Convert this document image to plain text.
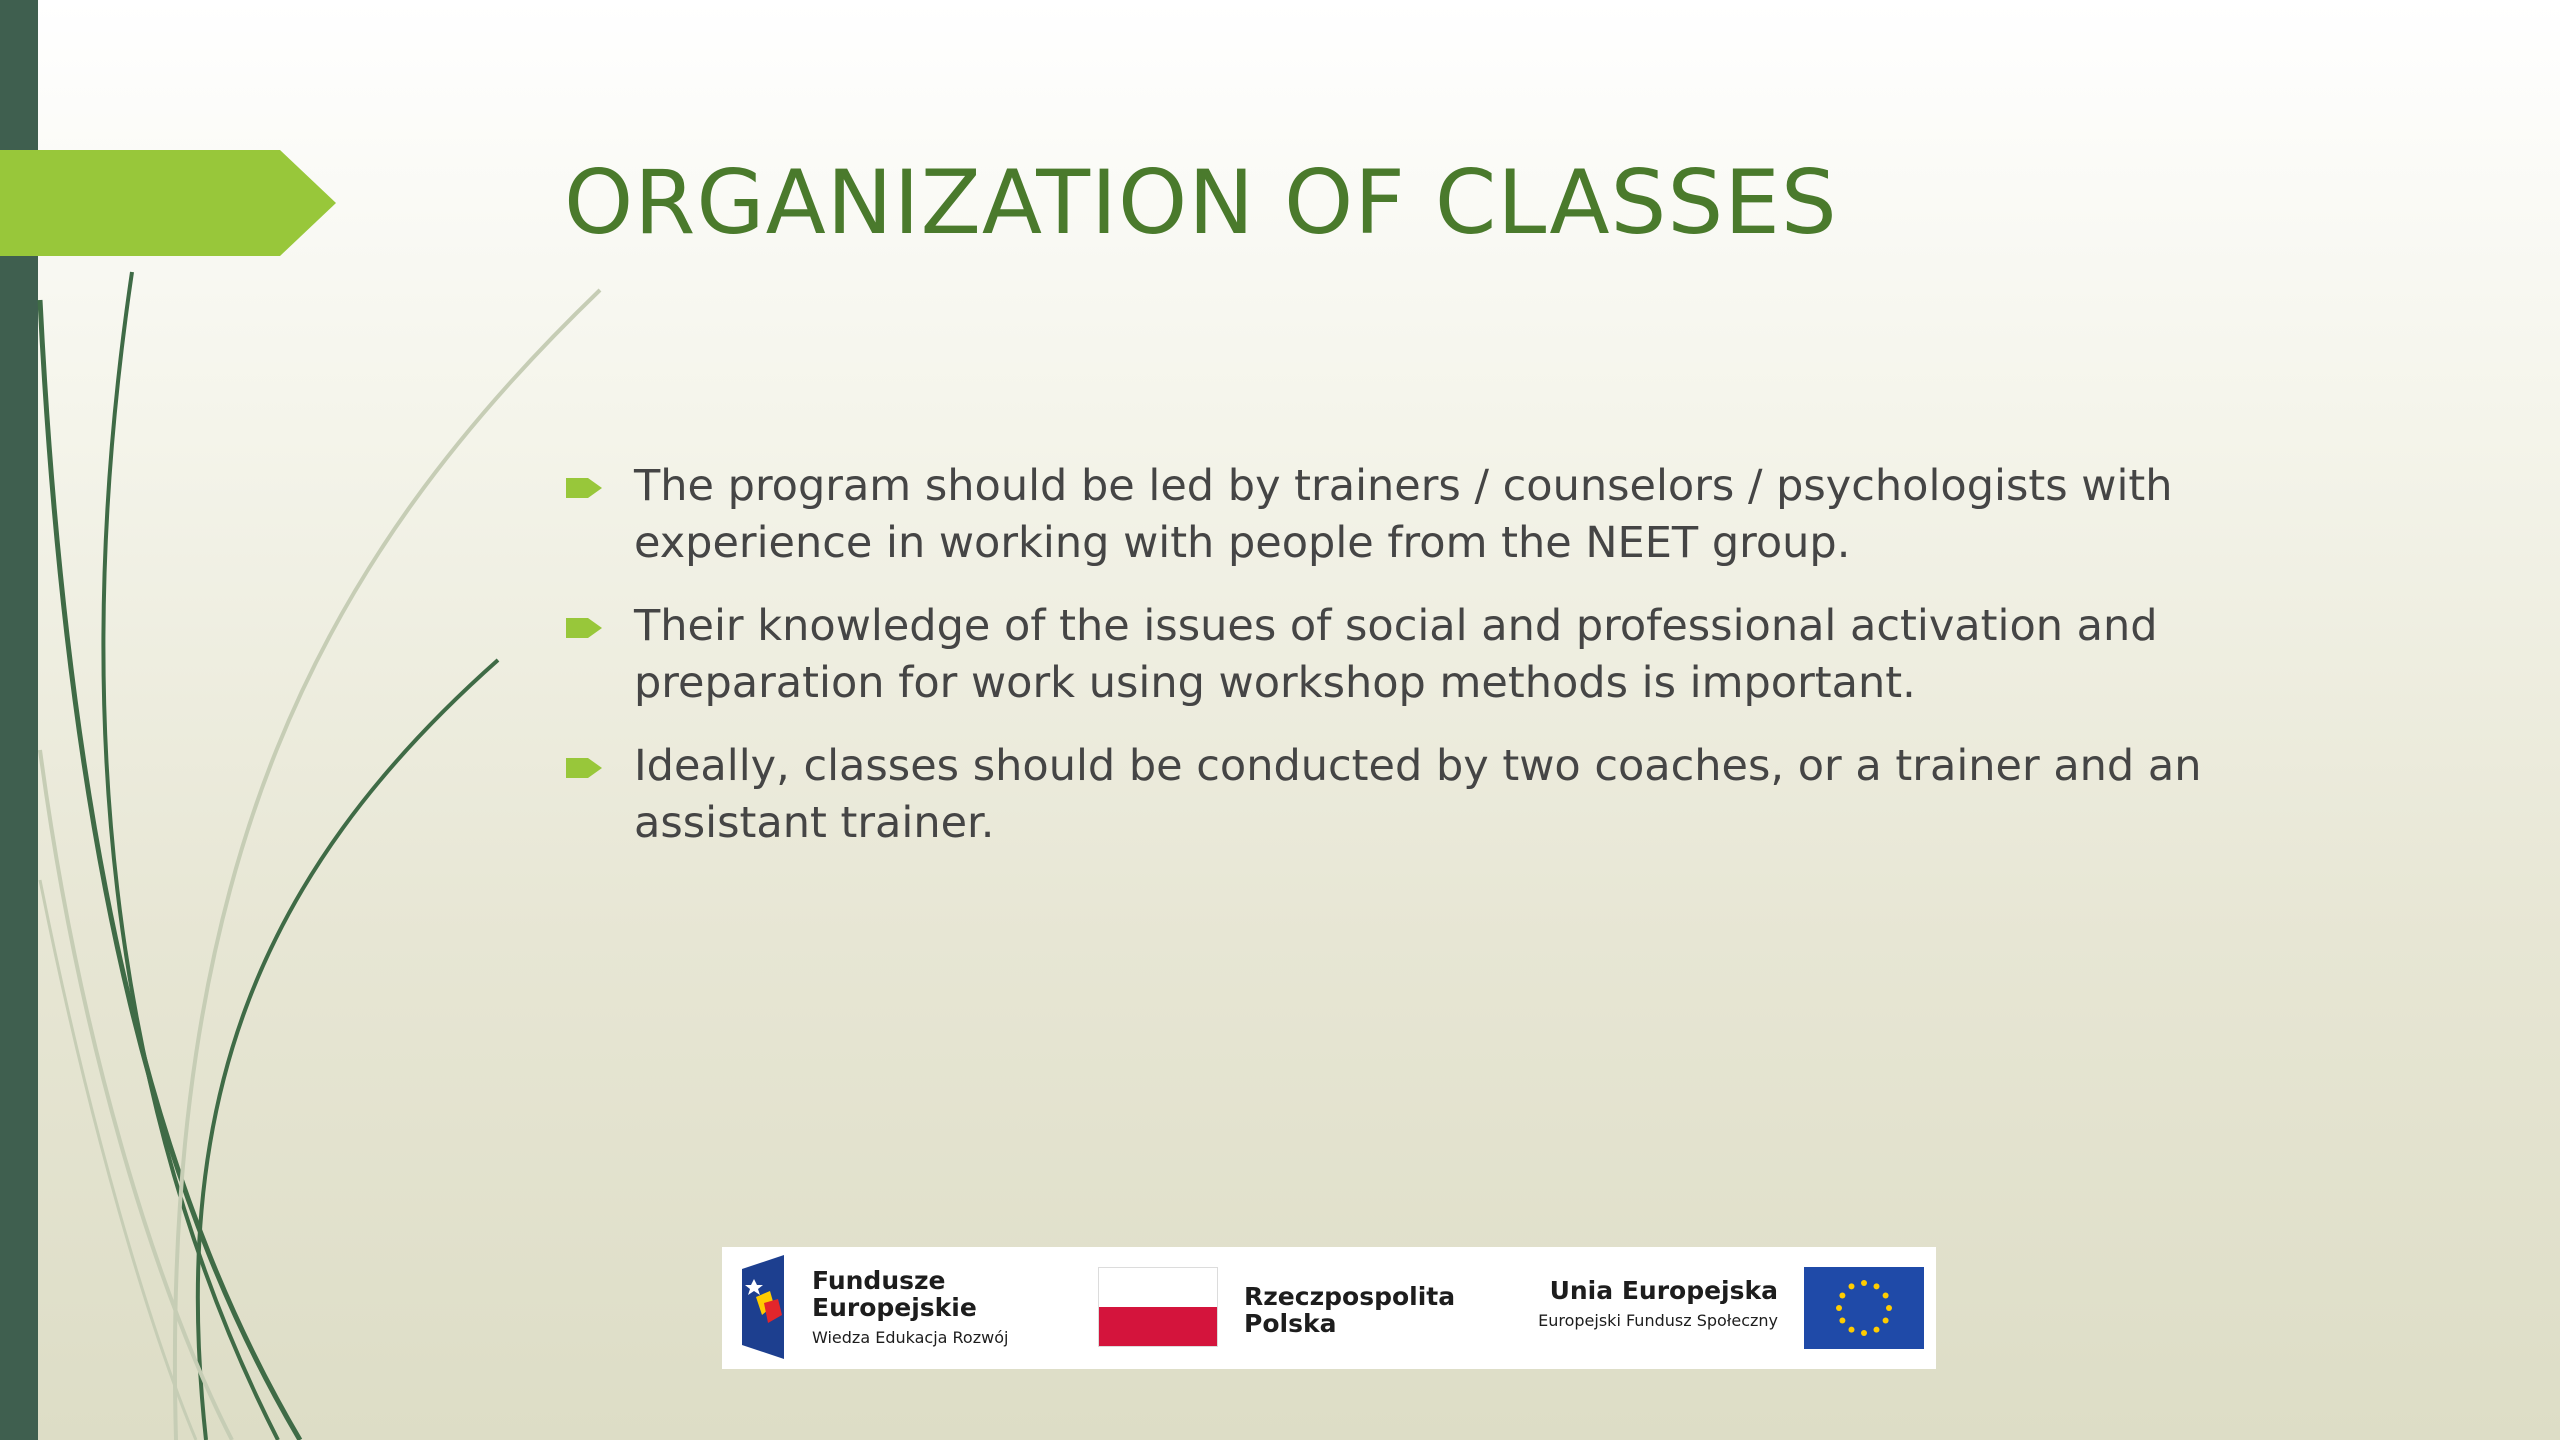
ORGANIZATION OF CLASSES
The program should be led by trainers / counselors / psychologists with experience in working with people from the NEET group.
Their knowledge of the issues of social and professional activation and preparation for work using workshop methods is important.
Ideally, classes should be conducted by two coaches, or a trainer and an assistant trainer.
Fundusze
Europejskie
Wiedza Edukacja Rozwój
Rzeczpospolita
Polska
Unia Europejska
Europejski Fundusz Społeczny
